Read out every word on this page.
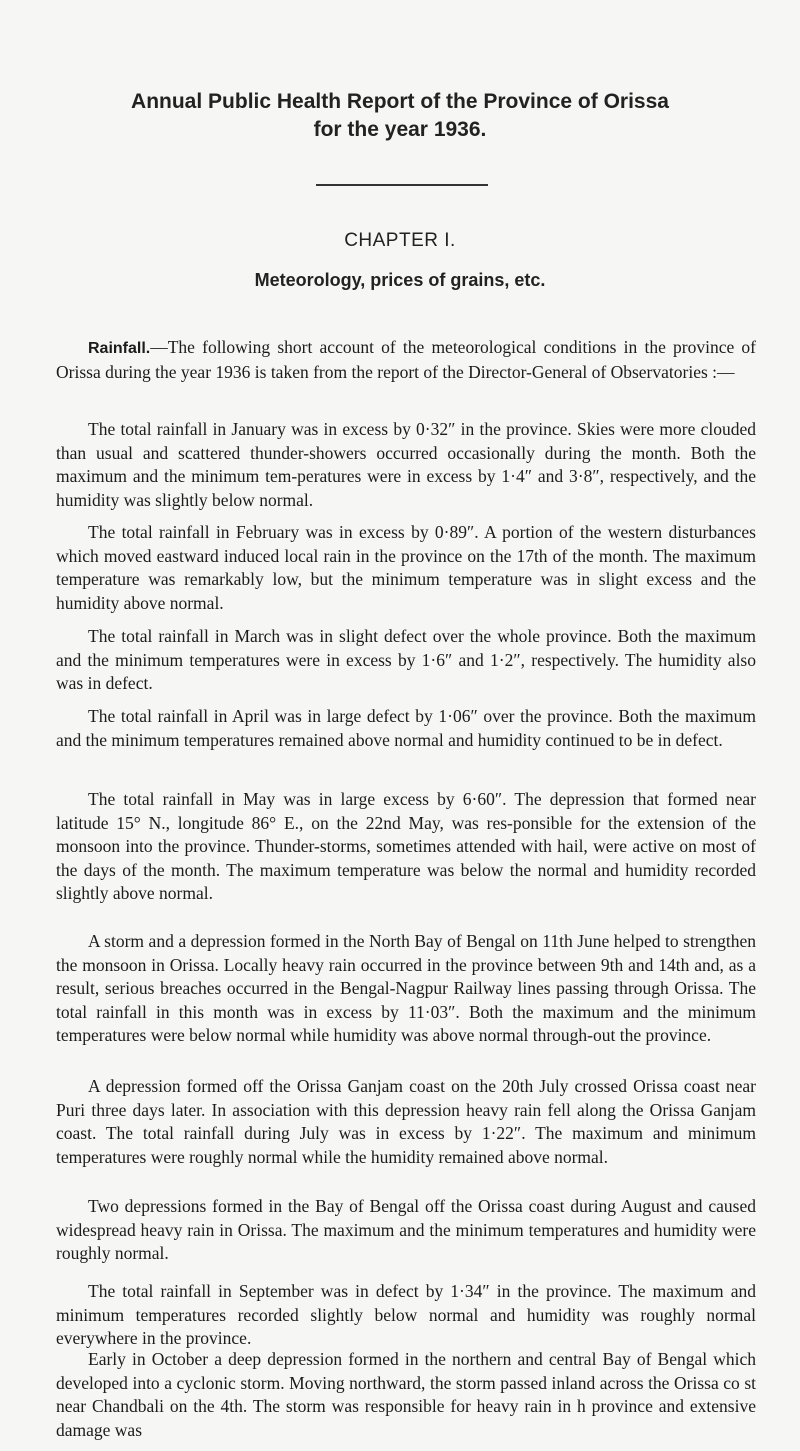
Annual Public Health Report of the Province of Orissa
for the year 1936.
CHAPTER I.
Meteorology, prices of grains, etc.

Rainfall.—The following short account of the meteorological conditions in the province of Orissa during the year 1936 is taken from the report of the Director-General of Observatories :—

The total rainfall in January was in excess by 0·32″ in the province. Skies were more clouded than usual and scattered thunder-showers occurred occasionally during the month. Both the maximum and the minimum tem-peratures were in excess by 1·4″ and 3·8″, respectively, and the humidity was slightly below normal.

The total rainfall in February was in excess by 0·89″. A portion of the western disturbances which moved eastward induced local rain in the province on the 17th of the month. The maximum temperature was remarkably low, but the minimum temperature was in slight excess and the humidity above normal.

The total rainfall in March was in slight defect over the whole province. Both the maximum and the minimum temperatures were in excess by 1·6″ and 1·2″, respectively. The humidity also was in defect.

The total rainfall in April was in large defect by 1·06″ over the province. Both the maximum and the minimum temperatures remained above normal and humidity continued to be in defect.

The total rainfall in May was in large excess by 6·60″. The depression that formed near latitude 15° N., longitude 86° E., on the 22nd May, was res-ponsible for the extension of the monsoon into the province. Thunder-storms, sometimes attended with hail, were active on most of the days of the month. The maximum temperature was below the normal and humidity recorded slightly above normal.

A storm and a depression formed in the North Bay of Bengal on 11th June helped to strengthen the monsoon in Orissa. Locally heavy rain occurred in the province between 9th and 14th and, as a result, serious breaches occurred in the Bengal-Nagpur Railway lines passing through Orissa. The total rainfall in this month was in excess by 11·03″. Both the maximum and the minimum temperatures were below normal while humidity was above normal through-out the province.

A depression formed off the Orissa Ganjam coast on the 20th July crossed Orissa coast near Puri three days later. In association with this depression heavy rain fell along the Orissa Ganjam coast. The total rainfall during July was in excess by 1·22″. The maximum and minimum temperatures were roughly normal while the humidity remained above normal.

Two depressions formed in the Bay of Bengal off the Orissa coast during August and caused widespread heavy rain in Orissa. The maximum and the minimum temperatures and humidity were roughly normal.

The total rainfall in September was in defect by 1·34″ in the province. The maximum and minimum temperatures recorded slightly below normal and humidity was roughly normal everywhere in the province.

Early in October a deep depression formed in the northern and central Bay of Bengal which developed into a cyclonic storm. Moving northward, the storm passed inland across the Orissa co st near Chandbali on the 4th. The storm was responsible for heavy rain in h province and extensive damage was
